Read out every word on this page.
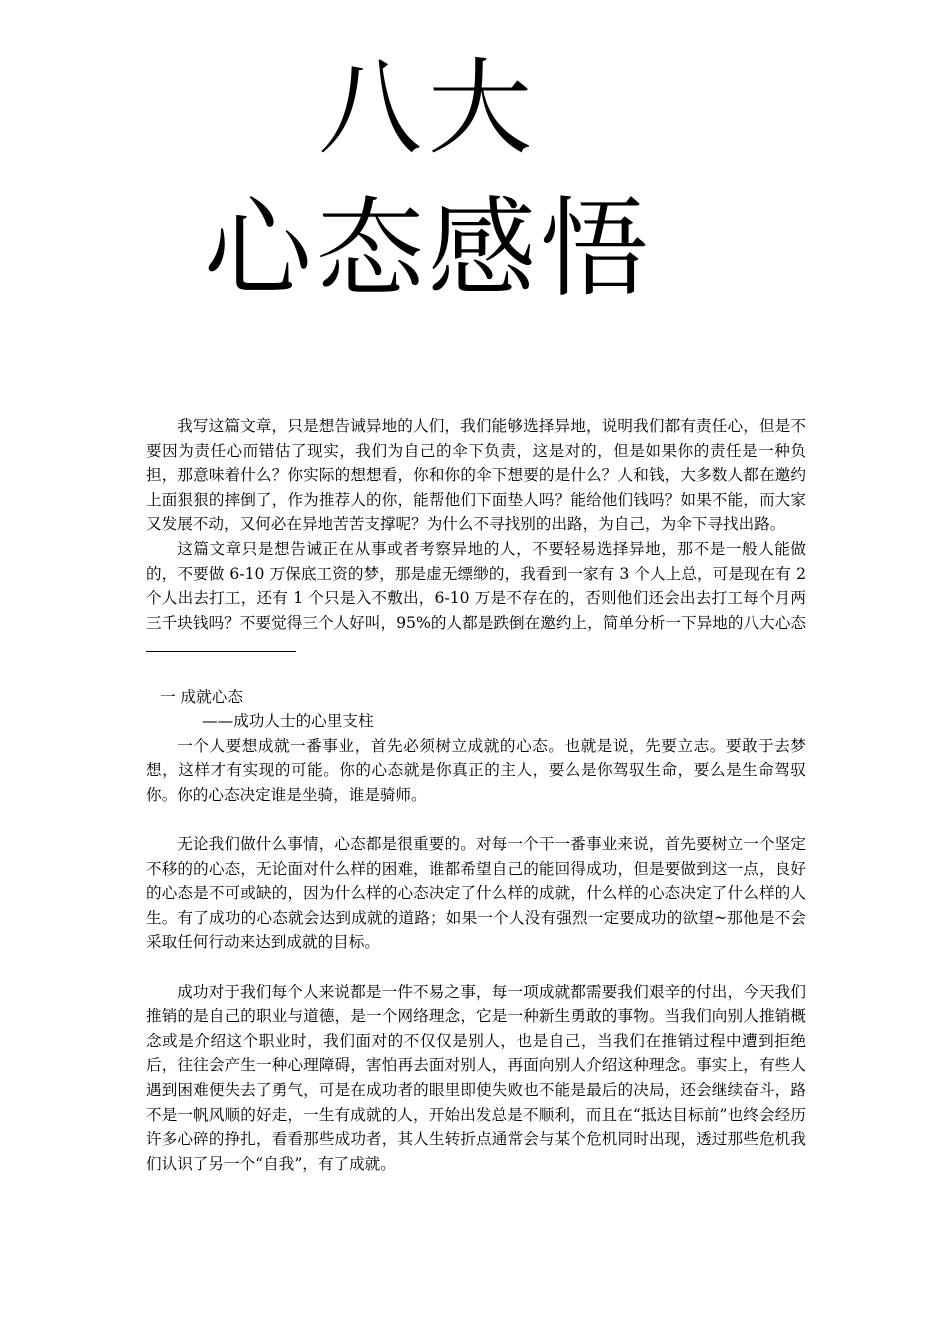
八大
心态感悟

我写这篇文章，只是想告诫异地的人们，我们能够选择异地，说明我们都有责任心，但是不要因为责任心而错估了现实，我们为自己的伞下负责，这是对的，但是如果你的责任是一种负担，那意味着什么？你实际的想想看，你和你的伞下想要的是什么？人和钱，大多数人都在邀约上面狠狠的摔倒了，作为推荐人的你，能帮他们下面垫人吗？能给他们钱吗？如果不能，而大家又发展不动，又何必在异地苦苦支撑呢？为什么不寻找别的出路，为自己，为伞下寻找出路。

这篇文章只是想告诫正在从事或者考察异地的人，不要轻易选择异地，那不是一般人能做的，不要做 6-10 万保底工资的梦，那是虚无缥缈的，我看到一家有 3 个人上总，可是现在有 2 个人出去打工，还有 1 个只是入不敷出，6-10 万是不存在的，否则他们还会出去打工每个月两三千块钱吗？不要觉得三个人好叫，95%的人都是跌倒在邀约上，简单分析一下异地的八大心态

一 成就心态

——成功人士的心里支柱

一个人要想成就一番事业，首先必须树立成就的心态。也就是说，先要立志。要敢于去梦想，这样才有实现的可能。你的心态就是你真正的主人，要么是你驾驭生命，要么是生命驾驭你。你的心态决定谁是坐骑，谁是骑师。

无论我们做什么事情，心态都是很重要的。对每一个干一番事业来说，首先要树立一个坚定不移的的心态，无论面对什么样的困难，谁都希望自己的能回得成功，但是要做到这一点，良好的心态是不可或缺的，因为什么样的心态决定了什么样的成就，什么样的心态决定了什么样的人生。有了成功的心态就会达到成就的道路；如果一个人没有强烈一定要成功的欲望~那他是不会采取任何行动来达到成就的目标。

成功对于我们每个人来说都是一件不易之事，每一项成就都需要我们艰辛的付出，今天我们推销的是自己的职业与道德，是一个网络理念，它是一种新生勇敢的事物。当我们向别人推销概念或是介绍这个职业时，我们面对的不仅仅是别人，也是自己，当我们在推销过程中遭到拒绝后，往往会产生一种心理障碍，害怕再去面对别人，再面向别人介绍这种理念。事实上，有些人遇到困难便失去了勇气，可是在成功者的眼里即使失败也不能是最后的决局，还会继续奋斗，路不是一帆风顺的好走，一生有成就的人，开始出发总是不顺利，而且在“抵达目标前”也终会经历许多心碎的挣扎，看看那些成功者，其人生转折点通常会与某个危机同时出现，透过那些危机我们认识了另一个“自我”，有了成就。
